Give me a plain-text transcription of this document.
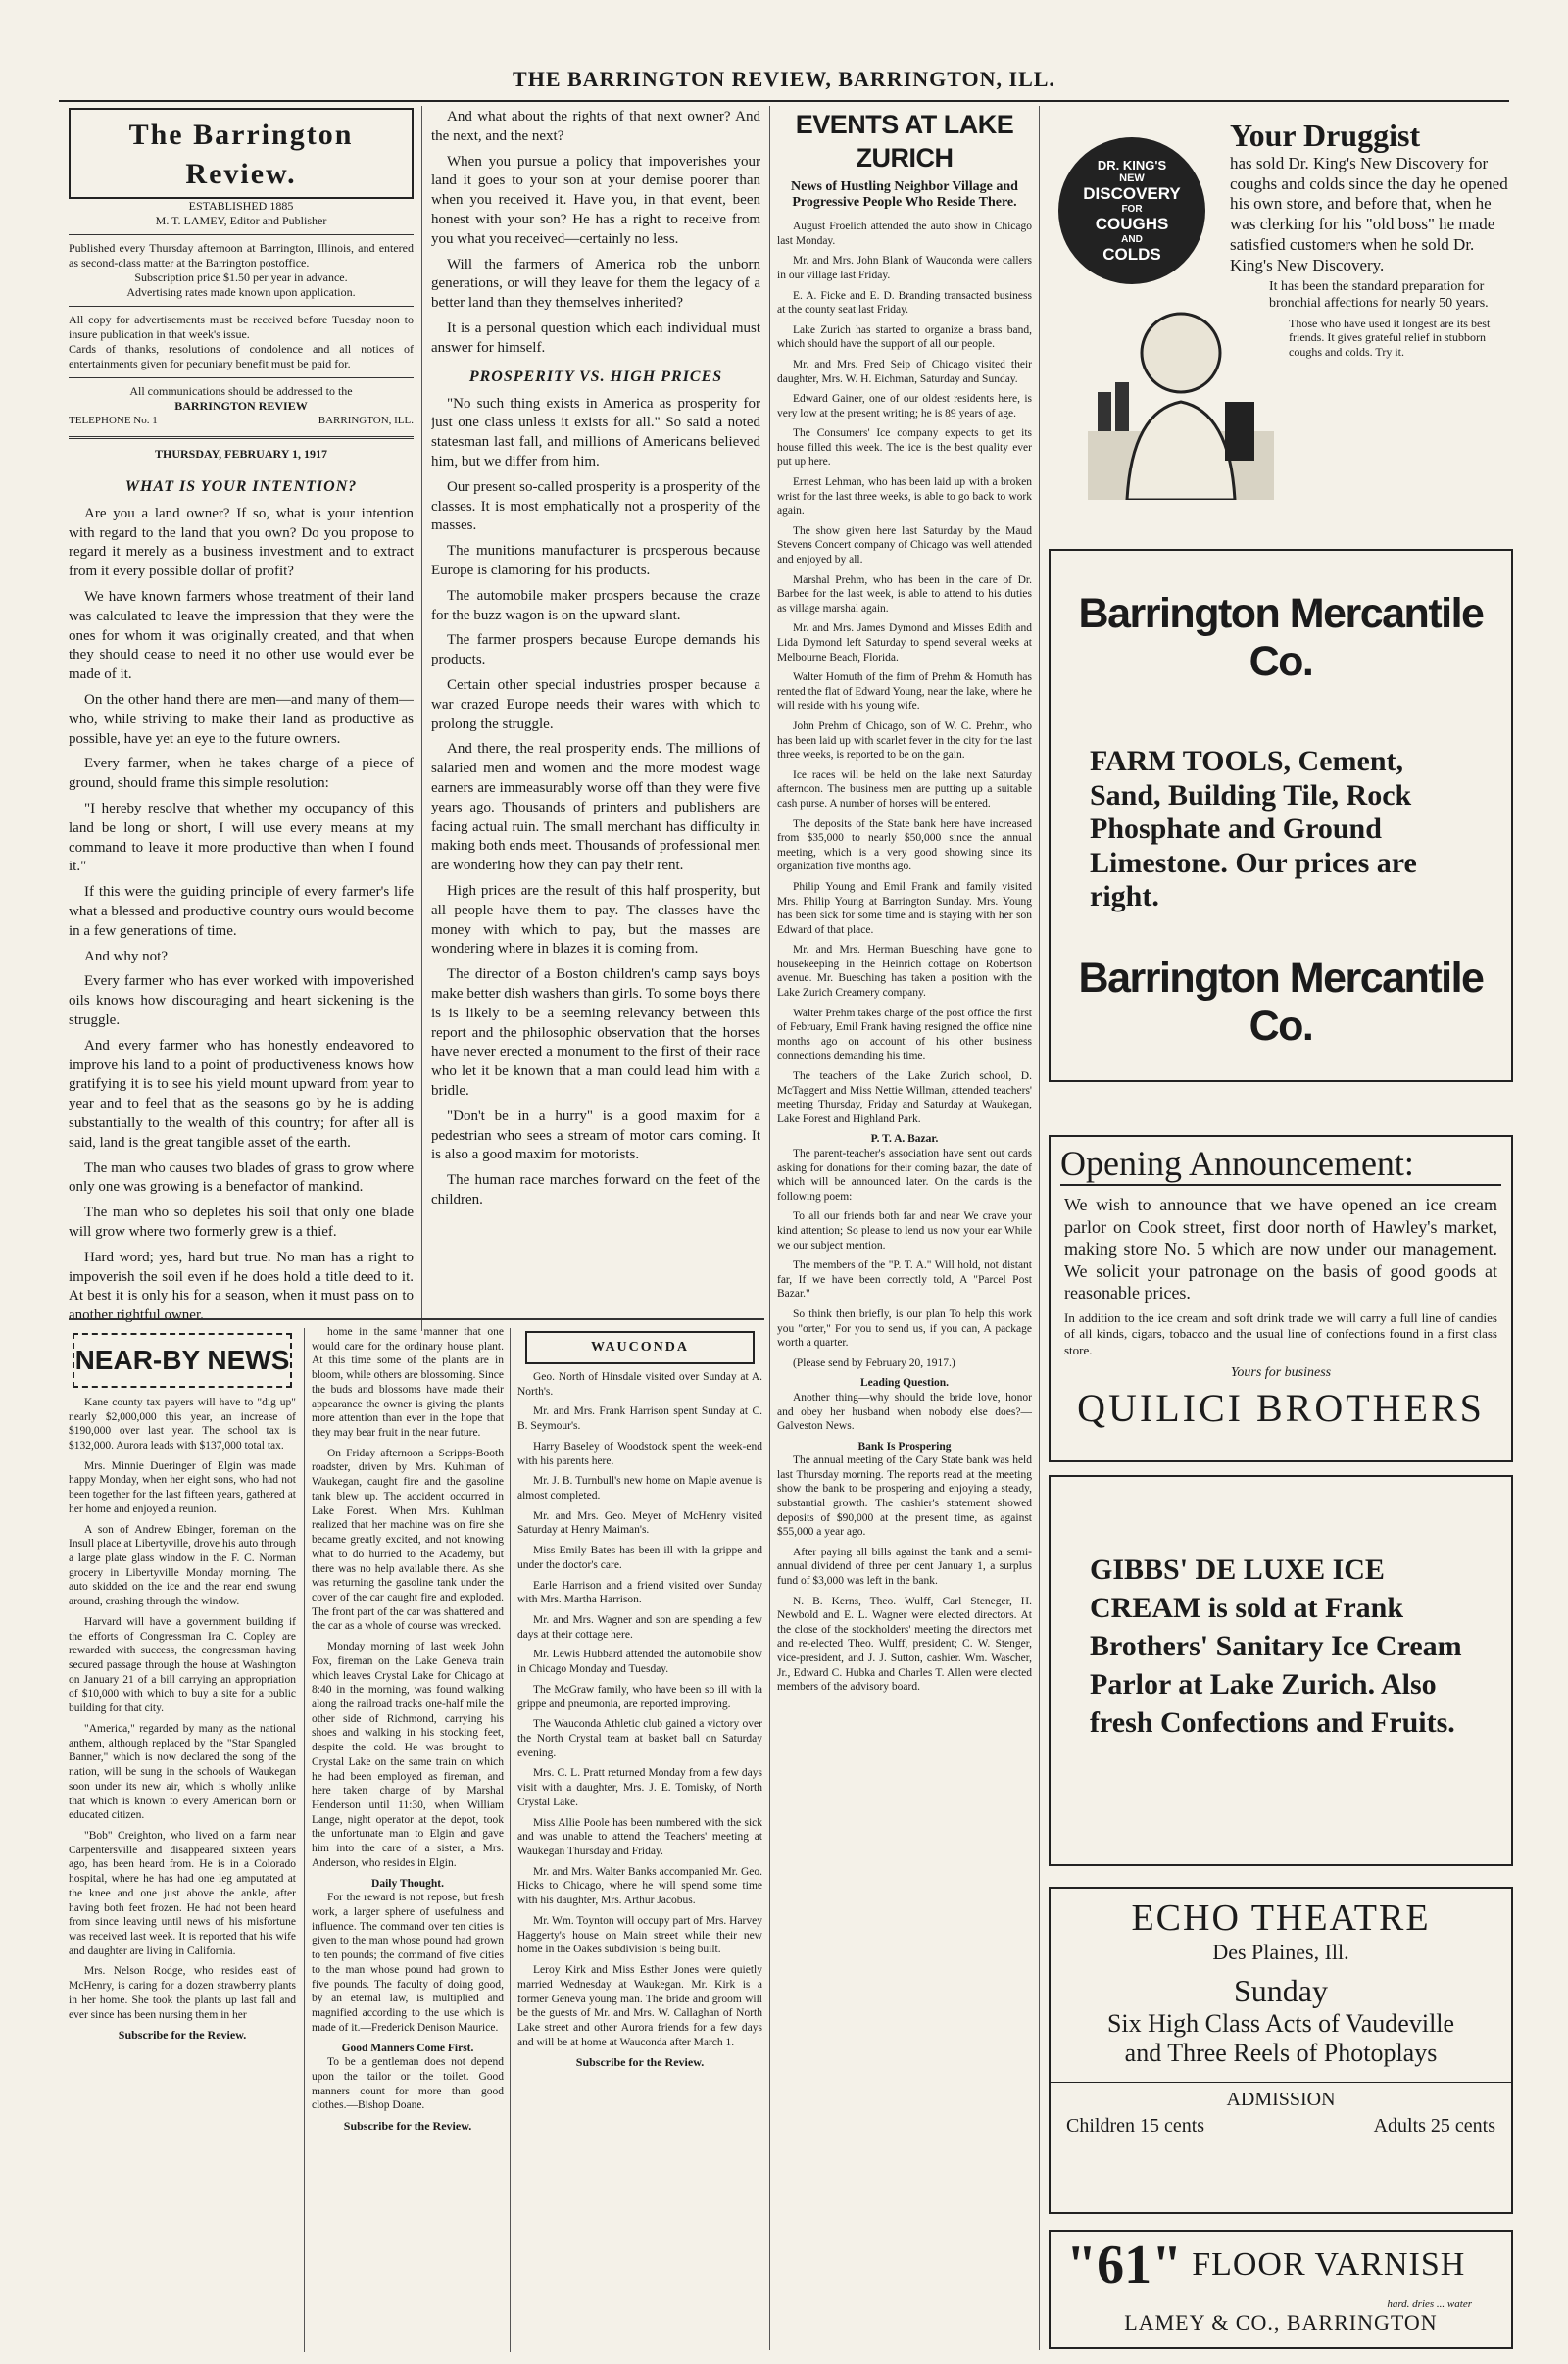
THE BARRINGTON REVIEW, BARRINGTON, ILL.
The Barrington Review.
ESTABLISHED 1885
M. T. LAMEY, Editor and Publisher
Published every Thursday afternoon at Barrington, Illinois, and entered as second-class matter at the Barrington postoffice.
Subscription price $1.50 per year in advance.
Advertising rates made known upon application.
All copy for advertisements must be received before Tuesday noon to insure publication in that week's issue.
Cards of thanks, resolutions of condolence and all notices of entertainments given for pecuniary benefit must be paid for.
All communications should be addressed to the
BARRINGTON REVIEW
TELEPHONE No. 1	BARRINGTON, ILL.
THURSDAY, FEBRUARY 1, 1917
WHAT IS YOUR INTENTION?

Are you a land owner? If so, what is your intention with regard to the land that you own? Do you propose to regard it merely as a business investment and to extract from it every possible dollar of profit?

We have known farmers whose treatment of their land was calculated to leave the impression that they were the ones for whom it was originally created, and that when they should cease to need it no other use would ever be made of it.

On the other hand there are men—and many of them—who, while striving to make their land as productive as possible, have yet an eye to the future owners.

Every farmer, when he takes charge of a piece of ground, should frame this simple resolution:

"I hereby resolve that whether my occupancy of this land be long or short, I will use every means at my command to leave it more productive than when I found it."

If this were the guiding principle of every farmer's life what a blessed and productive country ours would become in a few generations of time.

And why not?

Every farmer who has ever worked with impoverished oils knows how discouraging and heart sickening is the struggle.

And every farmer who has honestly endeavored to improve his land to a point of productiveness knows how gratifying it is to see his yield mount upward from year to year and to feel that as the seasons go by he is adding substantially to the wealth of this country; for after all is said, land is the great tangible asset of the earth.

The man who causes two blades of grass to grow where only one was growing is a benefactor of mankind.

The man who so depletes his soil that only one blade will grow where two formerly grew is a thief.

Hard word; yes, hard but true. No man has a right to impoverish the soil even if he does hold a title deed to it. At best it is only his for a season, when it must pass on to another rightful owner.

And what about the rights of that next owner? And the next, and the next?

When you pursue a policy that impoverishes your land it goes to your son at your demise poorer than when you received it. Have you, in that event, been honest with your son? He has a right to receive from you what you received—certainly no less.

Will the farmers of America rob the unborn generations, or will they leave for them the legacy of a better land than they themselves inherited?

It is a personal question which each individual must answer for himself.

PROSPERITY VS. HIGH PRICES

"No such thing exists in America as prosperity for just one class unless it exists for all." So said a noted statesman last fall, and millions of Americans believed him, but we differ from him.

Our present so-called prosperity is a prosperity of the classes. It is most emphatically not a prosperity of the masses.

The munitions manufacturer is prosperous because Europe is clamoring for his products.

The automobile maker prospers because the craze for the buzz wagon is on the upward slant.

The farmer prospers because Europe demands his products.

Certain other special industries prosper because a war crazed Europe needs their wares with which to prolong the struggle.

And there, the real prosperity ends. The millions of salaried men and women and the more modest wage earners are immeasurably worse off than they were five years ago. Thousands of printers and publishers are facing actual ruin. The small merchant has difficulty in making both ends meet. Thousands of professional men are wondering how they can pay their rent.

High prices are the result of this half prosperity, but all people have them to pay. The classes have the money with which to pay, but the masses are wondering where in blazes it is coming from.

The director of a Boston children's camp says boys make better dish washers than girls. To some boys there is is likely to be a seeming relevancy between this report and the philosophic observation that the horses have never erected a monument to the first of their race who let it be known that a man could lead him with a bridle.

"Don't be in a hurry" is a good maxim for a pedestrian who sees a stream of motor cars coming. It is also a good maxim for motorists.

The human race marches forward on the feet of the children.

NEAR-BY NEWS

Kane county tax payers will have to "dig up" nearly $2,000,000 this year, an increase of $190,000 over last year. The school tax is $132,000. Aurora leads with $137,000 total tax.

Mrs. Minnie Dueringer of Elgin was made happy Monday, when her eight sons, who had not been together for the last fifteen years, gathered at her home and enjoyed a reunion.

A son of Andrew Ebinger, foreman on the Insull place at Libertyville, drove his auto through a large plate glass window in the F. C. Norman grocery in Libertyville Monday morning. The auto skidded on the ice and the rear end swung around, crashing through the window.

Harvard will have a government building if the efforts of Congressman Ira C. Copley are rewarded with success, the congressman having secured passage through the house at Washington on January 21 of a bill carrying an appropriation of $10,000 with which to buy a site for a public building for that city.

"America," regarded by many as the national anthem, although replaced by the "Star Spangled Banner," which is now declared the song of the nation, will be sung in the schools of Waukegan soon under its new air, which is wholly unlike that which is known to every American born or educated citizen.

"Bob" Creighton, who lived on a farm near Carpentersville and disappeared sixteen years ago, has been heard from. He is in a Colorado hospital, where he has had one leg amputated at the knee and one just above the ankle, after having both feet frozen. He had not been heard from since leaving until news of his misfortune was received last week. It is reported that his wife and daughter are living in California.

Mrs. Nelson Rodge, who resides east of McHenry, is caring for a dozen strawberry plants in her home. She took the plants up last fall and ever since has been nursing them in her

Subscribe for the Review.

home in the same manner that one would care for the ordinary house plant. At this time some of the plants are in bloom, while others are blossoming. Since the buds and blossoms have made their appearance the owner is giving the plants more attention than ever in the hope that they may bear fruit in the near future.

On Friday afternoon a Scripps-Booth roadster, driven by Mrs. Kuhlman of Waukegan, caught fire and the gasoline tank blew up. The accident occurred in Lake Forest. When Mrs. Kuhlman realized that her machine was on fire she became greatly excited, and not knowing what to do hurried to the Academy, but there was no help available there. As she was returning the gasoline tank under the cover of the car caught fire and exploded. The front part of the car was shattered and the car as a whole of course was wrecked.

Monday morning of last week John Fox, fireman on the Lake Geneva train which leaves Crystal Lake for Chicago at 8:40 in the morning, was found walking along the railroad tracks one-half mile the other side of Richmond, carrying his shoes and walking in his stocking feet, despite the cold. He was brought to Crystal Lake on the same train on which he had been employed as fireman, and here taken charge of by Marshal Henderson until 11:30, when William Lange, night operator at the depot, took the unfortunate man to Elgin and gave him into the care of a sister, a Mrs. Anderson, who resides in Elgin.

Daily Thought.

For the reward is not repose, but fresh work, a larger sphere of usefulness and influence. The command over ten cities is given to the man whose pound had grown to ten pounds; the command of five cities to the man whose pound had grown to five pounds. The faculty of doing good, by an eternal law, is multiplied and magnified according to the use which is made of it.—Frederick Denison Maurice.

Good Manners Come First.

To be a gentleman does not depend upon the tailor or the toilet. Good manners count for more than good clothes.—Bishop Doane.

Subscribe for the Review.
WAUCONDA

Geo. North of Hinsdale visited over Sunday at A. North's.

Mr. and Mrs. Frank Harrison spent Sunday at C. B. Seymour's.

Harry Baseley of Woodstock spent the week-end with his parents here.

Mr. J. B. Turnbull's new home on Maple avenue is almost completed.

Mr. and Mrs. Geo. Meyer of McHenry visited Saturday at Henry Maiman's.

Miss Emily Bates has been ill with la grippe and under the doctor's care.

Earle Harrison and a friend visited over Sunday with Mrs. Martha Harrison.

Mr. and Mrs. Wagner and son are spending a few days at their cottage here.

Mr. Lewis Hubbard attended the automobile show in Chicago Monday and Tuesday.

The McGraw family, who have been so ill with la grippe and pneumonia, are reported improving.

The Wauconda Athletic club gained a victory over the North Crystal team at basket ball on Saturday evening.

Mrs. C. L. Pratt returned Monday from a few days visit with a daughter, Mrs. J. E. Tomisky, of North Crystal Lake.

Miss Allie Poole has been numbered with the sick and was unable to attend the Teachers' meeting at Waukegan Thursday and Friday.

Mr. and Mrs. Walter Banks accompanied Mr. Geo. Hicks to Chicago, where he will spend some time with his daughter, Mrs. Arthur Jacobus.

Mr. Wm. Toynton will occupy part of Mrs. Harvey Haggerty's house on Main street while their new home in the Oakes subdivision is being built.

Leroy Kirk and Miss Esther Jones were quietly married Wednesday at Waukegan. Mr. Kirk is a former Geneva young man. The bride and groom will be the guests of Mr. and Mrs. W. Callaghan of North Lake street and other Aurora friends for a few days and will be at home at Wauconda after March 1.

Subscribe for the Review.
EVENTS AT LAKE ZURICH
News of Hustling Neighbor Village and Progressive People Who Reside There.

August Froelich attended the auto show in Chicago last Monday.

Mr. and Mrs. John Blank of Wauconda were callers in our village last Friday.

E. A. Ficke and E. D. Branding transacted business at the county seat last Friday.

Lake Zurich has started to organize a brass band, which should have the support of all our people.

Mr. and Mrs. Fred Seip of Chicago visited their daughter, Mrs. W. H. Eichman, Saturday and Sunday.

Edward Gainer, one of our oldest residents here, is very low at the present writing; he is 89 years of age.

The Consumers' Ice company expects to get its house filled this week. The ice is the best quality ever put up here.

Ernest Lehman, who has been laid up with a broken wrist for the last three weeks, is able to go back to work again.

The show given here last Saturday by the Maud Stevens Concert company of Chicago was well attended and enjoyed by all.

Marshal Prehm, who has been in the care of Dr. Barbee for the last week, is able to attend to his duties as village marshal again.

Mr. and Mrs. James Dymond and Misses Edith and Lida Dymond left Saturday to spend several weeks at Melbourne Beach, Florida.

Walter Homuth of the firm of Prehm & Homuth has rented the flat of Edward Young, near the lake, where he will reside with his young wife.

John Prehm of Chicago, son of W. C. Prehm, who has been laid up with scarlet fever in the city for the last three weeks, is reported to be on the gain.

Ice races will be held on the lake next Saturday afternoon. The business men are putting up a suitable cash purse. A number of horses will be entered.

The deposits of the State bank here have increased from $35,000 to nearly $50,000 since the annual meeting, which is a very good showing since its organization five months ago.

Philip Young and Emil Frank and family visited Mrs. Philip Young at Barrington Sunday. Mrs. Young has been sick for some time and is staying with her son Edward of that place.

Mr. and Mrs. Herman Buesching have gone to housekeeping in the Heinrich cottage on Robertson avenue. Mr. Buesching has taken a position with the Lake Zurich Creamery company.

Walter Prehm takes charge of the post office the first of February, Emil Frank having resigned the office nine months ago on account of his other business connections demanding his time.

The teachers of the Lake Zurich school, D. McTaggert and Miss Nettie Willman, attended teachers' meeting Thursday, Friday and Saturday at Waukegan, Lake Forest and Highland Park.

P. T. A. Bazar.

The parent-teacher's association have sent out cards asking for donations for their coming bazar, the date of which will be announced later. On the cards is the following poem:

To all our friends both far and near We crave your kind attention; So please to lend us now your ear While we our subject mention.

The members of the "P. T. A." Will hold, not distant far, If we have been correctly told, A "Parcel Post Bazar."

So think then briefly, is our plan To help this work you "orter," For you to send us, if you can, A package worth a quarter.

(Please send by February 20, 1917.)

Leading Question.

Another thing—why should the bride love, honor and obey her husband when nobody else does?—Galveston News.

Bank Is Prospering

The annual meeting of the Cary State bank was held last Thursday morning. The reports read at the meeting show the bank to be prospering and enjoying a steady, substantial growth. The cashier's statement showed deposits of $90,000 at the present time, as against $55,000 a year ago.

After paying all bills against the bank and a semi-annual dividend of three per cent January 1, a surplus fund of $3,000 was left in the bank.

N. B. Kerns, Theo. Wulff, Carl Steneger, H. Newbold and E. L. Wagner were elected directors. At the close of the stockholders' meeting the directors met and re-elected Theo. Wulff, president; C. W. Stenger, vice-president, and J. J. Sutton, cashier. Wm. Wascher, Jr., Edward C. Hubka and Charles T. Allen were elected members of the advisory board.

DR. KING'S
NEW
DISCOVERY
FOR
COUGHS
AND
COLDS
Your Druggist
has sold Dr. King's New Discovery for coughs and colds since the day he opened his own store, and before that, when he was clerking for his "old boss" he made satisfied customers when he sold Dr. King's New Discovery.
It has been the standard preparation for bronchial affections for nearly 50 years.
Those who have used it longest are its best friends. It gives grateful relief in stubborn coughs and colds. Try it.
Barrington Mercantile Co.
FARM TOOLS, Cement, Sand, Building Tile, Rock Phosphate and Ground Limestone. Our prices are right.
Barrington Mercantile Co.
Opening Announcement:
We wish to announce that we have opened an ice cream parlor on Cook street, first door north of Hawley's market, making store No. 5 which are now under our management. We solicit your patronage on the basis of good goods at reasonable prices.
In addition to the ice cream and soft drink trade we will carry a full line of candies of all kinds, cigars, tobacco and the usual line of confections found in a first class store.
Yours for business
QUILICI BROTHERS
GIBBS' DE LUXE ICE CREAM is sold at Frank Brothers' Sanitary Ice Cream Parlor at Lake Zurich. Also fresh Confections and Fruits.
ECHO THEATRE
Des Plaines, Ill.
Sunday
Six High Class Acts of Vaudeville
and Three Reels of Photoplays
ADMISSION
Children 15 cents	Adults 25 cents
"61" FLOOR VARNISH
hard. dries ... water
LAMEY & CO., BARRINGTON
